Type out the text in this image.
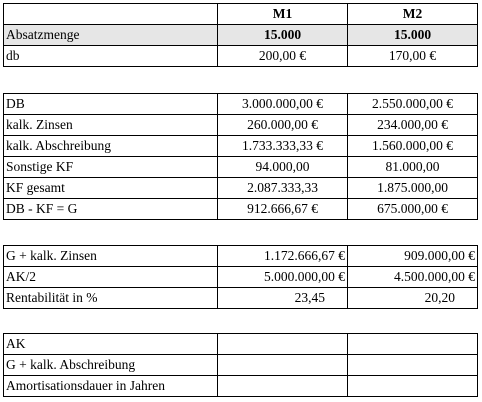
	M1	M2
Absatzmenge	15.000	15.000
db	200,00 €	170,00 €
DB	3.000.000,00 €	2.550.000,00 €
kalk. Zinsen	260.000,00 €	234.000,00 €
kalk. Abschreibung	1.733.333,33 €	1.560.000,00 €
Sonstige KF	94.000,00	81.000,00
KF gesamt	2.087.333,33	1.875.000,00
DB - KF = G	912.666,67 €	675.000,00 €
G + kalk. Zinsen	1.172.666,67 €	909.000,00 €
AK/2	5.000.000,00 €	4.500.000,00 €
Rentabilität in %	23,45	20,20
AK		
G + kalk. Abschreibung		
Amortisationsdauer in Jahren		
